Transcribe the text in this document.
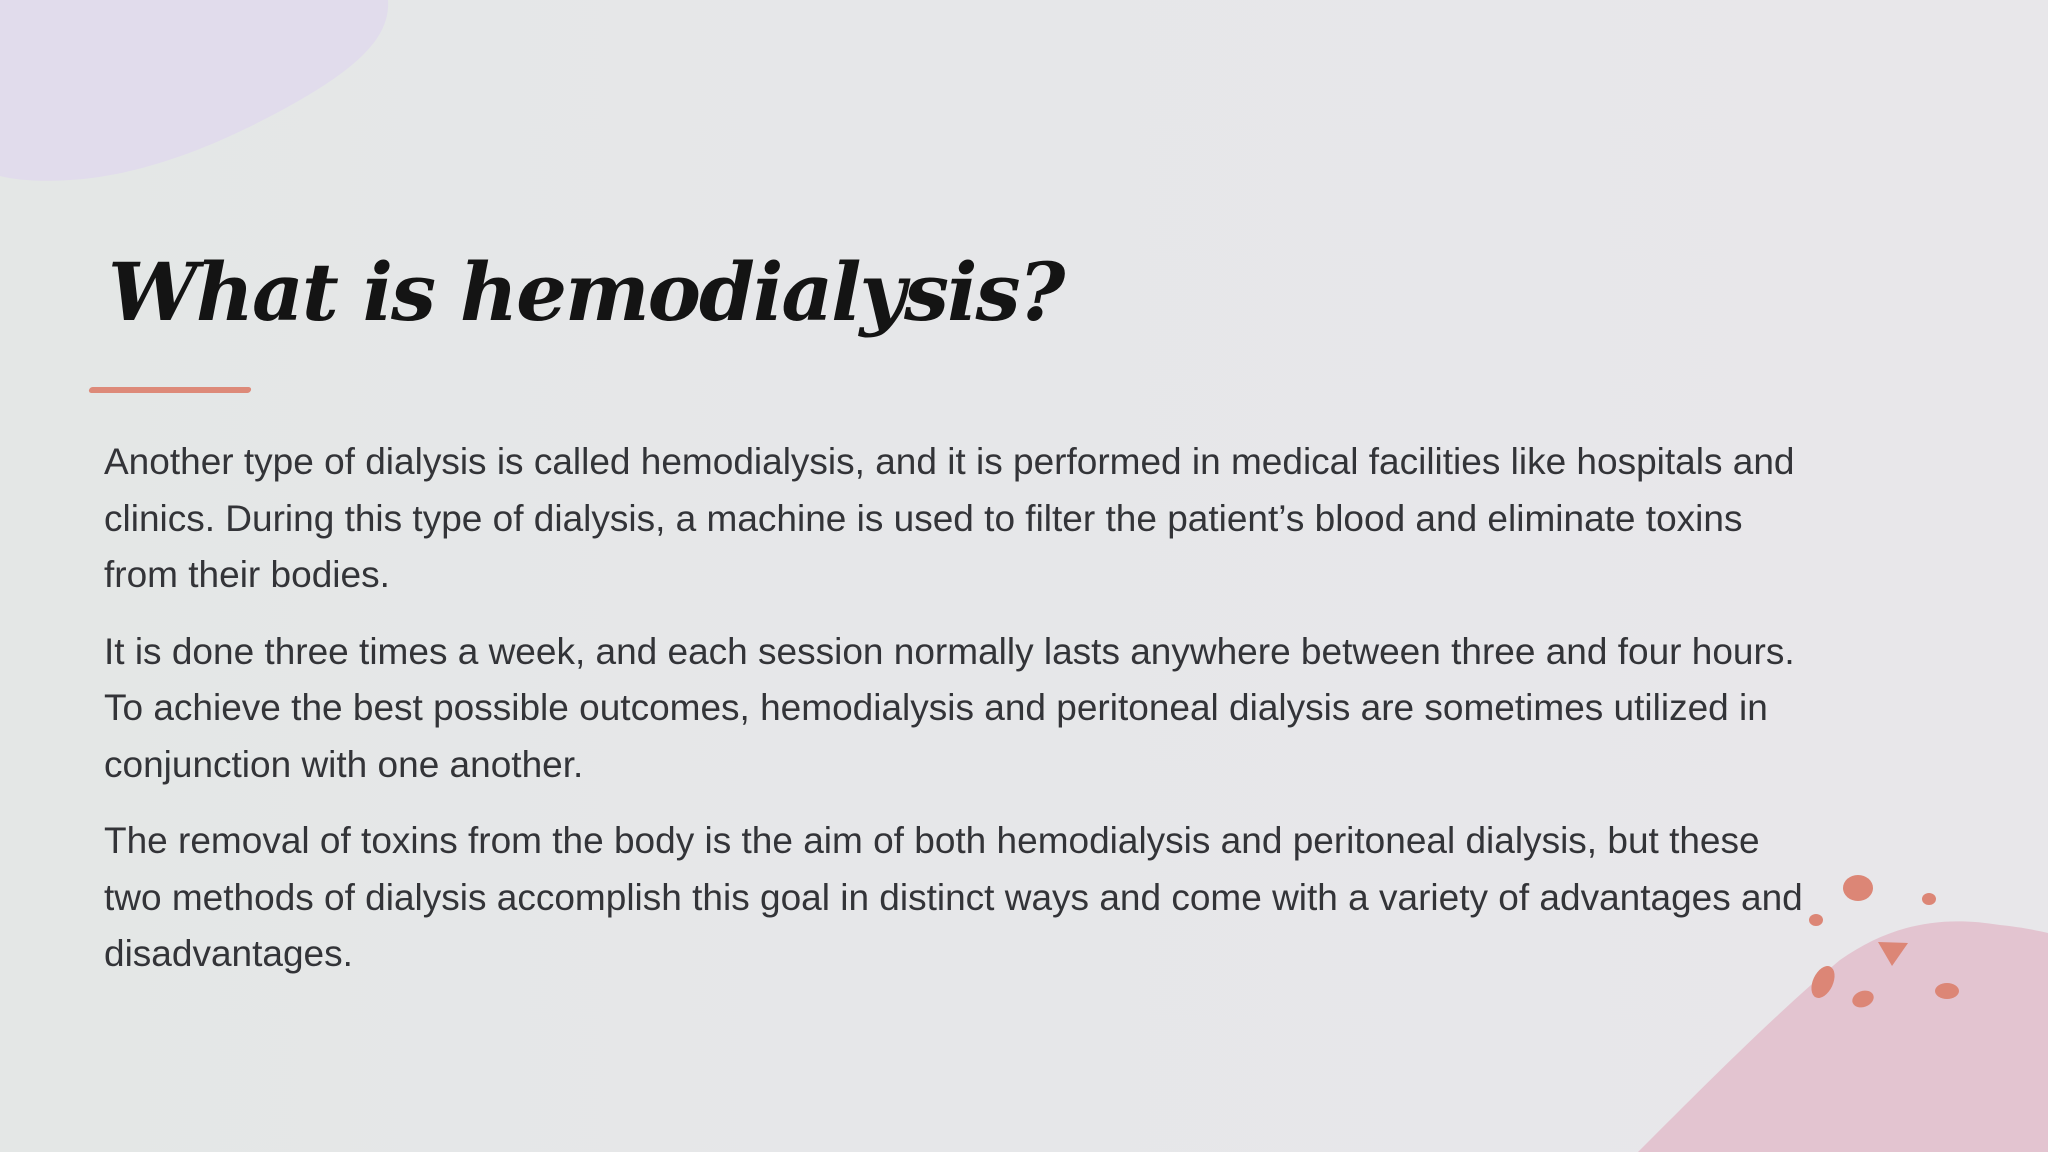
What is hemodialysis?

Another type of dialysis is called hemodialysis, and it is performed in medical facilities like hospitals and clinics. During this type of dialysis, a machine is used to filter the patient’s blood and eliminate toxins from their bodies.

It is done three times a week, and each session normally lasts anywhere between three and four hours. To achieve the best possible outcomes, hemodialysis and peritoneal dialysis are sometimes utilized in conjunction with one another.

The removal of toxins from the body is the aim of both hemodialysis and peritoneal dialysis, but these two methods of dialysis accomplish this goal in distinct ways and come with a variety of advantages and disadvantages.
